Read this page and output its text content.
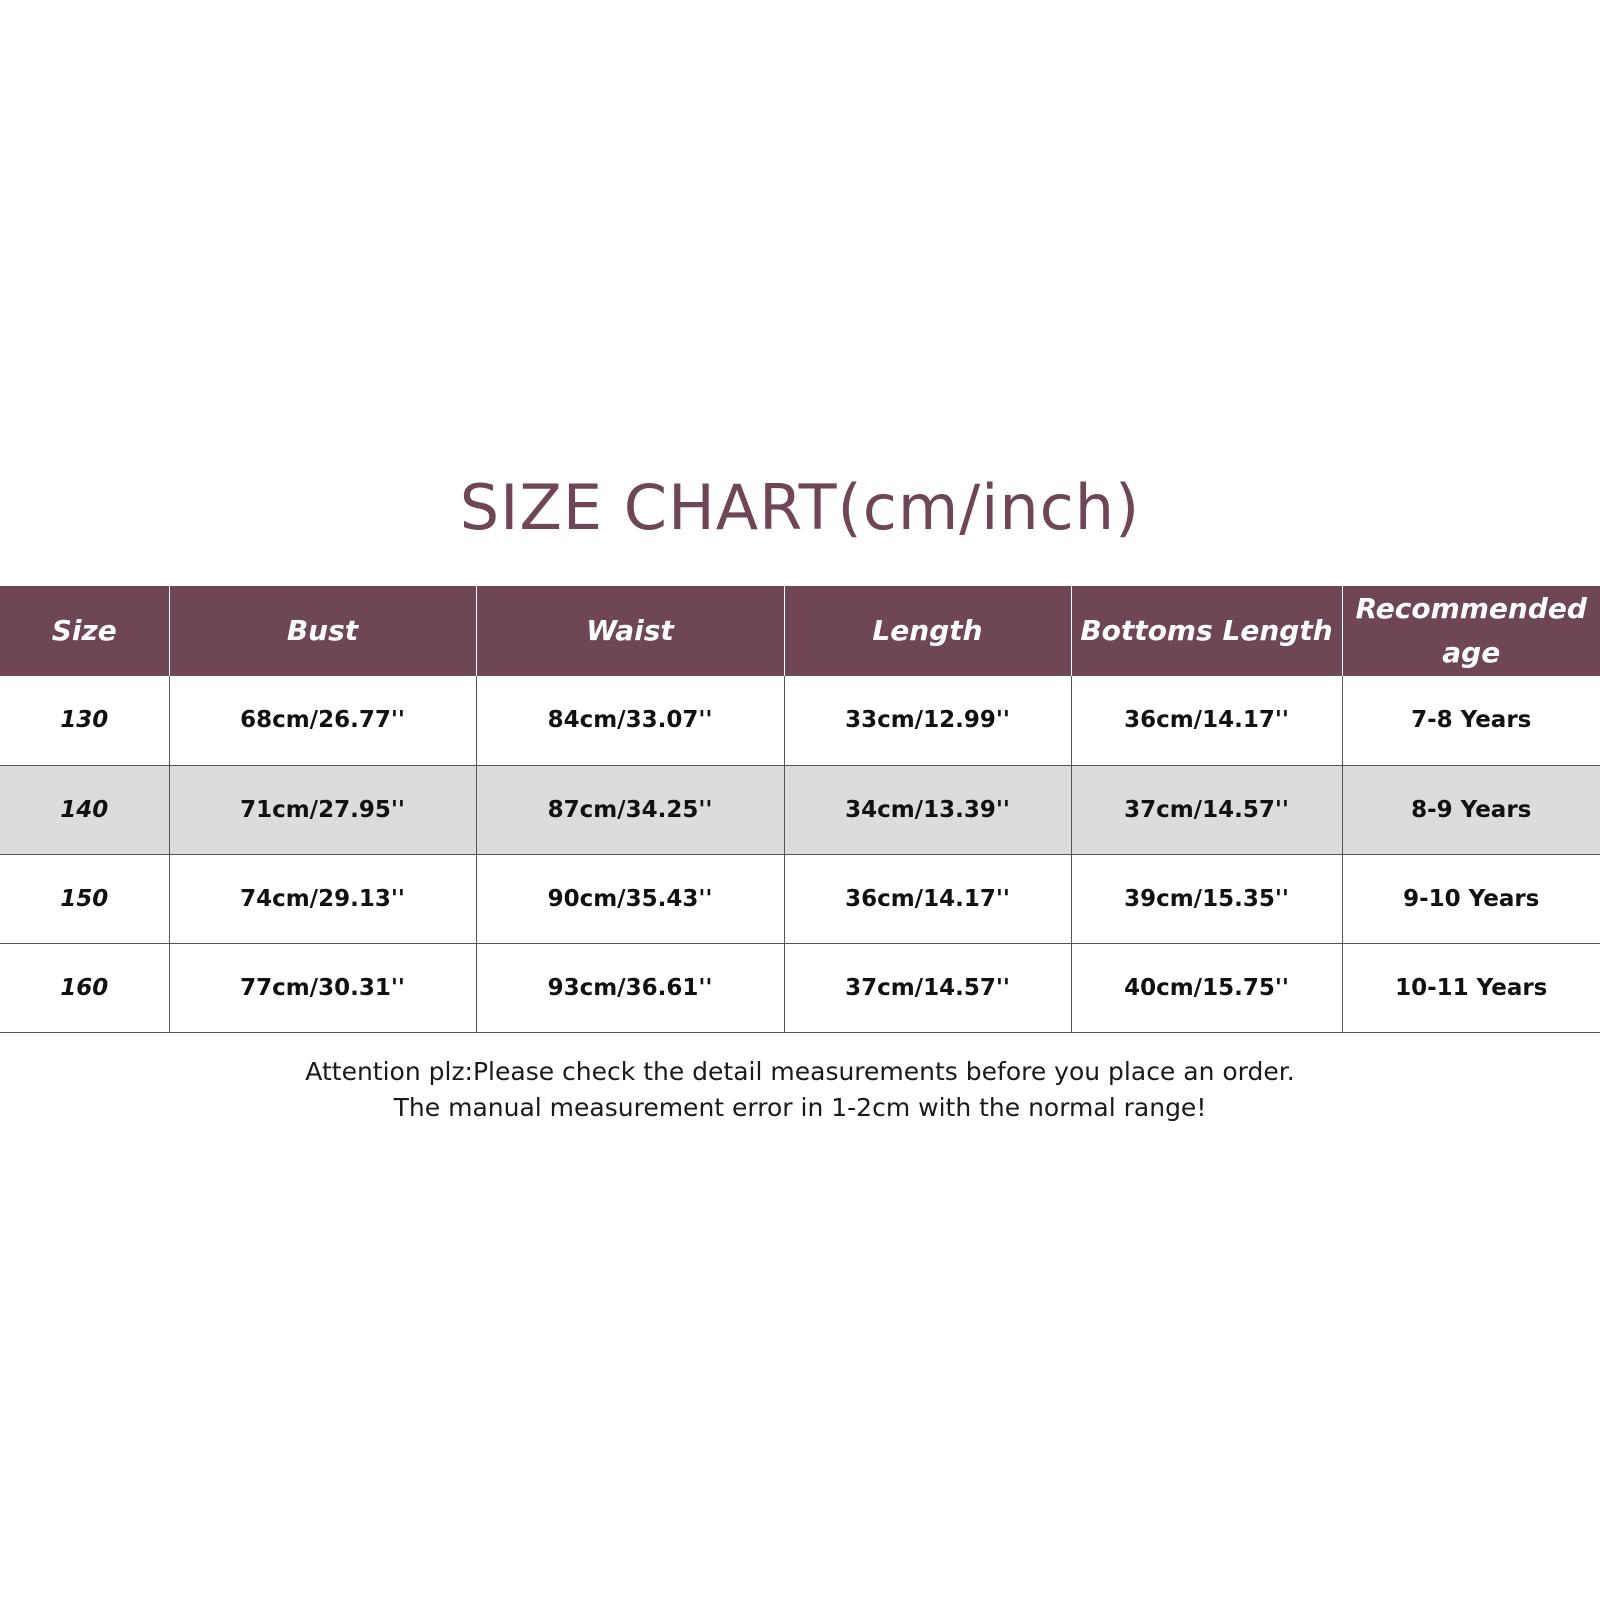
SIZE CHART(cm/inch)
Size	Bust	Waist	Length	Bottoms Length	Recommended age
130	68cm/26.77''	84cm/33.07''	33cm/12.99''	36cm/14.17''	7-8 Years
140	71cm/27.95''	87cm/34.25''	34cm/13.39''	37cm/14.57''	8-9 Years
150	74cm/29.13''	90cm/35.43''	36cm/14.17''	39cm/15.35''	9-10 Years
160	77cm/30.31''	93cm/36.61''	37cm/14.57''	40cm/15.75''	10-11 Years

Attention plz:Please check the detail measurements before you place an order.

The manual measurement error in 1-2cm with the normal range!
